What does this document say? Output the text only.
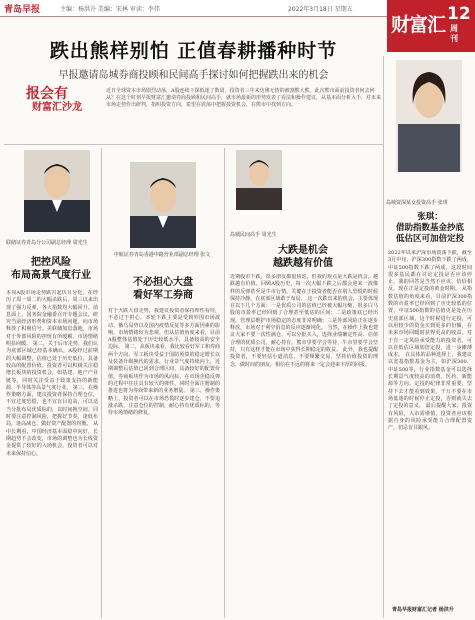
青岛早报	主编：杨洪升 美编：宋林 审读：李伟	2022年3月18日 星期五
财富汇 12
周刊
跌出熊样别怕 正值春耕播种时节
早报邀请岛城券商投顾和民间高手探讨如何把握跌出来的机会
报会有
财富汇沙龙
近日全球资本市场剧烈动荡，A股连续下探低迷了数周，投资者三年来仿佛无情的被割熊大熊。此次熊市面前投资者何去何从？在这个时刻早报财富汇邀请券商投顾和民间高手，就市场最新的形势发表了看法和操作建议，从基本面分析入手，对未来市场走势作出研判，指明投资方向，希望在震荡中把握投资机会，在熊市中找到方向。
联储证券青岛分公司副总经理 周光生
把控风险
布局高景气度行业
本周A股市场走势跌宕起伏且分化，在经历了周一周二的大幅杀跌后，周三以来出现了强力反弹，各大指数均大幅回升。消息面上，国务院金融委召开专题会议，研究当前经济形势和资本市场问题，向市场释放了积极信号。美联储加息落地，市场对于外部风险的担忧有所缓解，市场情绪明显回暖。 第二，关于后市走势，我们认为底部区域已经基本确认，A股经过前期的大幅调整，估值已处于历史低位，具备较高的配置价值。投资者可以积极关注稳增长板块的投资机会，如基建、地产产业链等，同时关注受益于政策支持的新能源、半导体等高景气度行业。 第三，在操作策略方面，建议投资者保持合理仓位，不宜过度恐慌，也不宜盲目追高，可以适当分批布局优质标的，以时间换空间。同时要注意控制风险，把握好节奏，逢低布局，逢高减仓，做好资产配置的均衡。 从中长期看，中国经济基本面稳中向好，长期趋势不会改变，市场的调整也为长线资金提供了较好的入场机会，投资者可以对未来保持信心。
中航证券青岛香港中路营业部副总经理 张文
不必担心大盘
看好军工券商
对于大跌大盘走势，我建议投资者保持理性看待，不必过于担心。本轮下跌主要是受到外围市场波动、俄乌局势以及国内疫情反复等多方面因素的影响，市场情绪较为悲观。但从估值角度来看，目前A股整体估值处于历史较低水平，具备较高的安全边际。 第二，从板块来看，我比较看好军工和券商两个方向。军工板块受益于国防预算的稳定增长以及装备升级换代的需求，行业景气度持续向上，近期调整后估值已回到合理区间，具备较好的配置价值。券商板块作为市场的风向标，在市场企稳反弹的过程中往往具有较大的弹性，同时全面注册制的推进也将为券商带来新的业务增量。 第三，操作策略上，投资者可以在市场恐慌时逐步建仓，不要追涨杀跌，注意仓位的控制，耐心持有优质标的，等待市场情绪的修复。
岛城民间高手 周光生
大跌是机会
越跌越有价值
近期股市下跌，很多朋友都很焦虑，但我的观点是大跌是机会，越跌越有价值。回顾A股历史，每一次大幅下跌之后都会迎来一波像样的反弹甚至是牛市行情，关键在于投资者能否在别人恐慌的时候保持冷静，在底部区域敢于布局。 这一次跌出来的机会，主要体现在以下几个方面：一是优质公司的估值已经被大幅压缩，很多白马股的市盈率已经回到了合理甚至低估的区间；二是政策底已经出现，管理层维护市场稳定的态度非常明确；三是外部风险正在逐步释放，市场对于利空消息的反应逐渐钝化。 当然，在操作上我也建议大家不要一次性满仓，可以分批买入，选择业绩确定性高、估值合理的优质公司，耐心持有。熊市里要学会等待，牛市里要学会坚持，只有这样才能在市场中获得长期稳定的收益。 此外，我也提醒投资者，不要轻信小道消息，不要频繁交易，坚持价值投资的理念，做时间的朋友，相信在不远的将来一定会迎来丰厚的回报。
岛城资深某女投资高手 张琪
张琪：
借助指数基金抄底
低估区可加倍定投
2022年以来沪深市场震荡下跌，截至3月中旬，沪深300指数下跌了两成，中证500指数下跌了两成，这段时间很多基民都在讨论定投是否应该停止，我的回答是当然不应该，恰恰相反，现在正是定投的黄金时期。 从指数估值的角度来看，目前沪深300指数的市盈率已经回到了历史较低的位置，中证500指数的估值更是处在历史底部区域，这个时候进行定投，可以用较少的资金买到更多的份额，在未来市场回暖时获得更高的收益。对于有一定风险承受能力的投资者，可以在低估区域加倍定投，进一步摊薄成本。 在具体的品种选择上，我建议以宽基指数基金为主，如沪深300、中证500等，行业指数基金可以选择长期景气度较高的消费、医药、新能源等方向。定投的纪律非常重要，坚持下去才能看到效果，千万不要在市场低迷的时候停止定投，否则就失去了定投的意义。 最后提醒大家，投资有风险，入市需谨慎，投资者应该根据自身的风险承受能力合理配置资产，切忌盲目跟风。
青岛早报财富汇记者 杨洪升
